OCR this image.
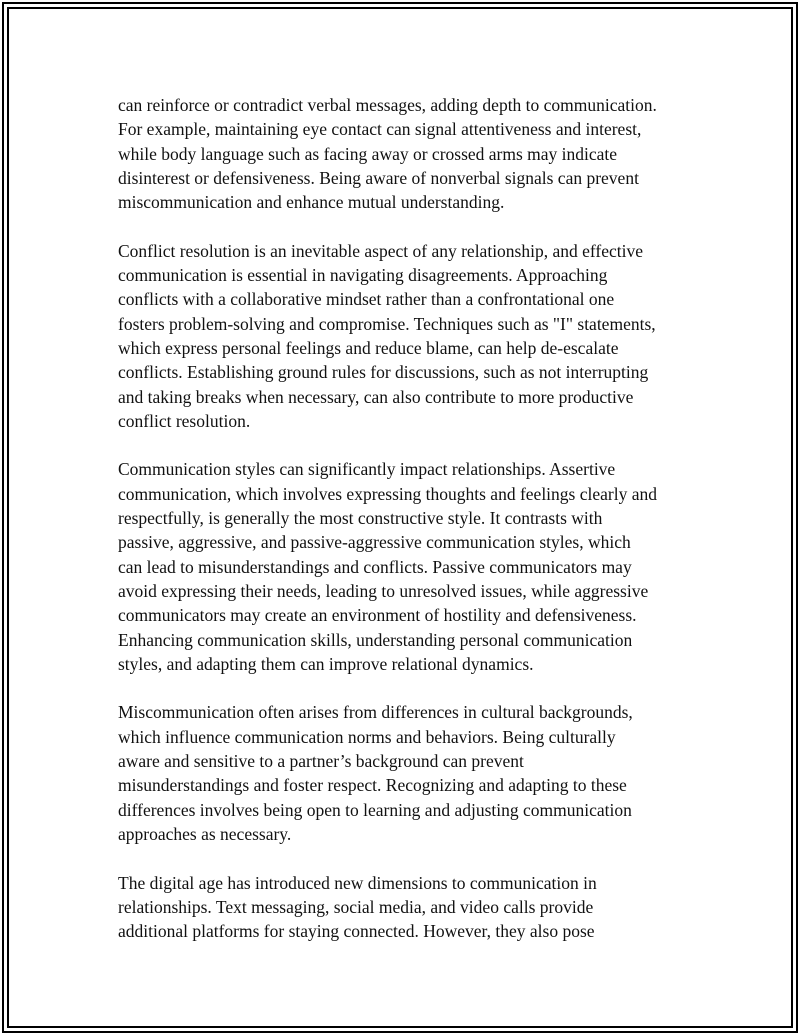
can reinforce or contradict verbal messages, adding depth to communication.
For example, maintaining eye contact can signal attentiveness and interest,
while body language such as facing away or crossed arms may indicate
disinterest or defensiveness. Being aware of nonverbal signals can prevent
miscommunication and enhance mutual understanding.

Conflict resolution is an inevitable aspect of any relationship, and effective
communication is essential in navigating disagreements. Approaching
conflicts with a collaborative mindset rather than a confrontational one
fosters problem-solving and compromise. Techniques such as "I" statements,
which express personal feelings and reduce blame, can help de-escalate
conflicts. Establishing ground rules for discussions, such as not interrupting
and taking breaks when necessary, can also contribute to more productive
conflict resolution.

Communication styles can significantly impact relationships. Assertive
communication, which involves expressing thoughts and feelings clearly and
respectfully, is generally the most constructive style. It contrasts with
passive, aggressive, and passive-aggressive communication styles, which
can lead to misunderstandings and conflicts. Passive communicators may
avoid expressing their needs, leading to unresolved issues, while aggressive
communicators may create an environment of hostility and defensiveness.
Enhancing communication skills, understanding personal communication
styles, and adapting them can improve relational dynamics.

Miscommunication often arises from differences in cultural backgrounds,
which influence communication norms and behaviors. Being culturally
aware and sensitive to a partner’s background can prevent
misunderstandings and foster respect. Recognizing and adapting to these
differences involves being open to learning and adjusting communication
approaches as necessary.

The digital age has introduced new dimensions to communication in
relationships. Text messaging, social media, and video calls provide
additional platforms for staying connected. However, they also pose
